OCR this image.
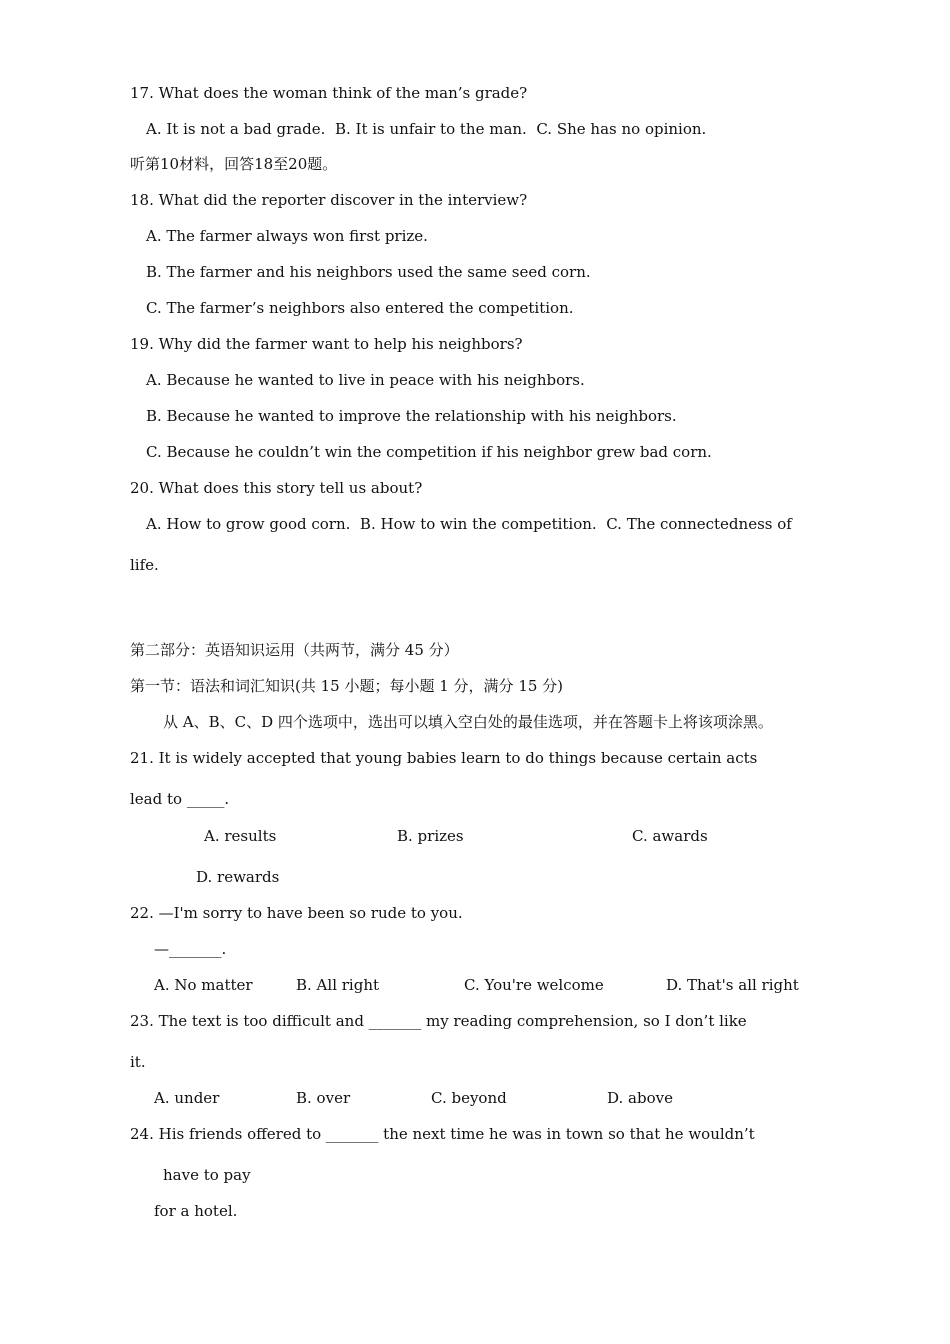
17. What does the woman think of the man’s grade?
A. It is not a bad grade.  B. It is unfair to the man.  C. She has no opinion.
听第10材料，回答18至20题。
18. What did the reporter discover in the interview?
A. The farmer always won first prize.
B. The farmer and his neighbors used the same seed corn.
C. The farmer’s neighbors also entered the competition.
19. Why did the farmer want to help his neighbors?
A. Because he wanted to live in peace with his neighbors.
B. Because he wanted to improve the relationship with his neighbors.
C. Because he couldn’t win the competition if his neighbor grew bad corn.
20. What does this story tell us about?
A. How to grow good corn.  B. How to win the competition.  C. The connectedness of
life.
第二部分：英语知识运用（共两节，满分 45 分）
第一节：语法和词汇知识(共 15 小题；每小题 1 分，满分 15 分)
从 A、B、C、D 四个选项中，选出可以填入空白处的最佳选项，并在答题卡上将该项涂黑。
21. It is widely accepted that young babies learn to do things because certain acts
lead to _____.
A. results	B. prizes	C. awards
D. rewards
22. —I'm sorry to have been so rude to you.
—_______.
A. No matter	B. All right	C. You're welcome	D. That's all right
23. The text is too difficult and _______ my reading comprehension, so I don’t like
it.
A. under	B. over	C. beyond	D. above
24. His friends offered to _______ the next time he was in town so that he wouldn’t
have to pay
for a hotel.
